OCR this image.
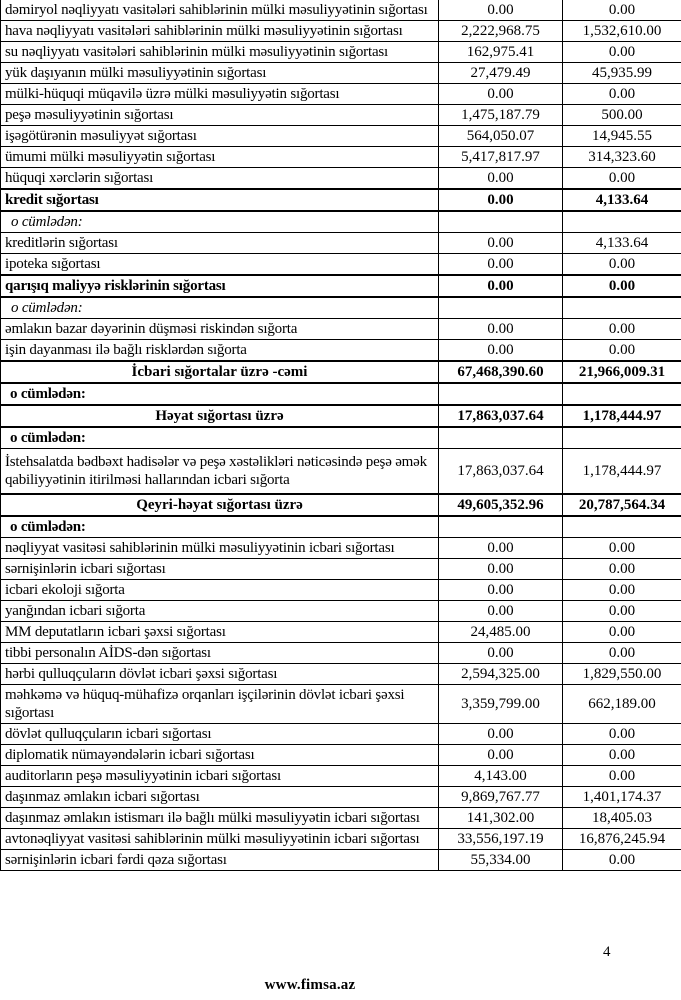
dəmiryol nəqliyyatı vasitələri sahiblərinin mülki məsuliyyətinin sığortası	0.00	0.00
hava nəqliyyatı vasitələri sahiblərinin mülki məsuliyyətinin sığortası	2,222,968.75	1,532,610.00
su nəqliyyatı vasitələri sahiblərinin mülki məsuliyyətinin sığortası	162,975.41	0.00
yük daşıyanın mülki məsuliyyətinin sığortası	27,479.49	45,935.99
mülki-hüquqi müqavilə üzrə mülki məsuliyyətin sığortası	0.00	0.00
peşə məsuliyyətinin sığortası	1,475,187.79	500.00
işəgötürənin məsuliyyət sığortası	564,050.07	14,945.55
ümumi mülki məsuliyyətin sığortası	5,417,817.97	314,323.60
hüquqi xərclərin sığortası	0.00	0.00
kredit sığortası	0.00	4,133.64
o cümlədən:		
kreditlərin sığortası	0.00	4,133.64
ipoteka sığortası	0.00	0.00
qarışıq maliyyə risklərinin sığortası	0.00	0.00
o cümlədən:		
əmlakın bazar dəyərinin düşməsi riskindən sığorta	0.00	0.00
işin dayanması ilə bağlı risklərdən sığorta	0.00	0.00
İcbari sığortalar üzrə -cəmi	67,468,390.60	21,966,009.31
o cümlədən:		
Həyat sığortası üzrə	17,863,037.64	1,178,444.97
o cümlədən:		
İstehsalatda bədbəxt hadisələr və peşə xəstəlikləri nəticəsində peşə əmək qabiliyyətinin itirilməsi hallarından icbari sığorta	17,863,037.64	1,178,444.97
Qeyri-həyat sığortası üzrə	49,605,352.96	20,787,564.34
o cümlədən:		
nəqliyyat vasitəsi sahiblərinin mülki məsuliyyətinin icbari sığortası	0.00	0.00
sərnişinlərin icbari sığortası	0.00	0.00
icbari ekoloji sığorta	0.00	0.00
yanğından icbari sığorta	0.00	0.00
MM deputatların icbari şəxsi sığortası	24,485.00	0.00
tibbi personalın AİDS-dən sığortası	0.00	0.00
hərbi qulluqçuların dövlət icbari şəxsi sığortası	2,594,325.00	1,829,550.00
məhkəmə və hüquq-mühafizə orqanları işçilərinin dövlət icbari şəxsi sığortası	3,359,799.00	662,189.00
dövlət qulluqçuların icbari sığortası	0.00	0.00
diplomatik nümayəndələrin icbari sığortası	0.00	0.00
auditorların peşə məsuliyyətinin icbari sığortası	4,143.00	0.00
daşınmaz əmlakın icbari sığortası	9,869,767.77	1,401,174.37
daşınmaz əmlakın istismarı ilə bağlı mülki məsuliyyətin icbari sığortası	141,302.00	18,405.03
avtonəqliyyat vasitəsi sahiblərinin mülki məsuliyyətinin icbari sığortası	33,556,197.19	16,876,245.94
sərnişinlərin icbari fərdi qəza sığortası	55,334.00	0.00
4
www.fimsa.az
